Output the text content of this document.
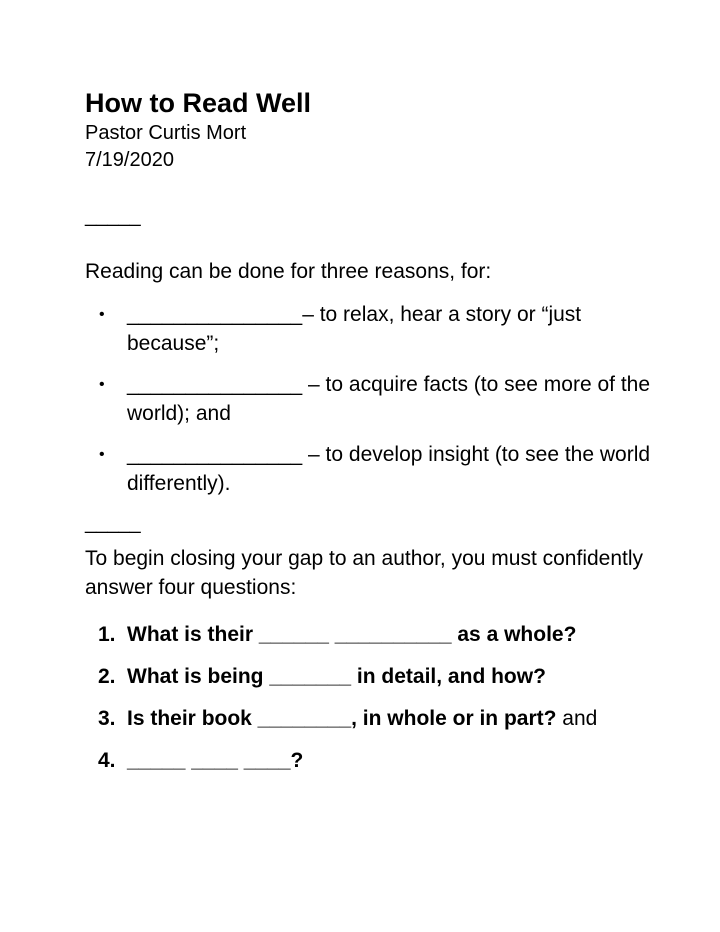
How to Read Well
Pastor Curtis Mort
7/19/2020
_____
Reading can be done for three reasons, for:
• _______________– to relax, hear a story or “just because”;
• _______________ – to acquire facts (to see more of the world); and
• _______________ – to develop insight (to see the world differently).
_____
To begin closing your gap to an author, you must confidently answer four questions:
1. What is their ______ __________ as a whole?
2. What is being _______ in detail, and how?
3. Is their book ________, in whole or in part? and
4. _____ ____ ____?
